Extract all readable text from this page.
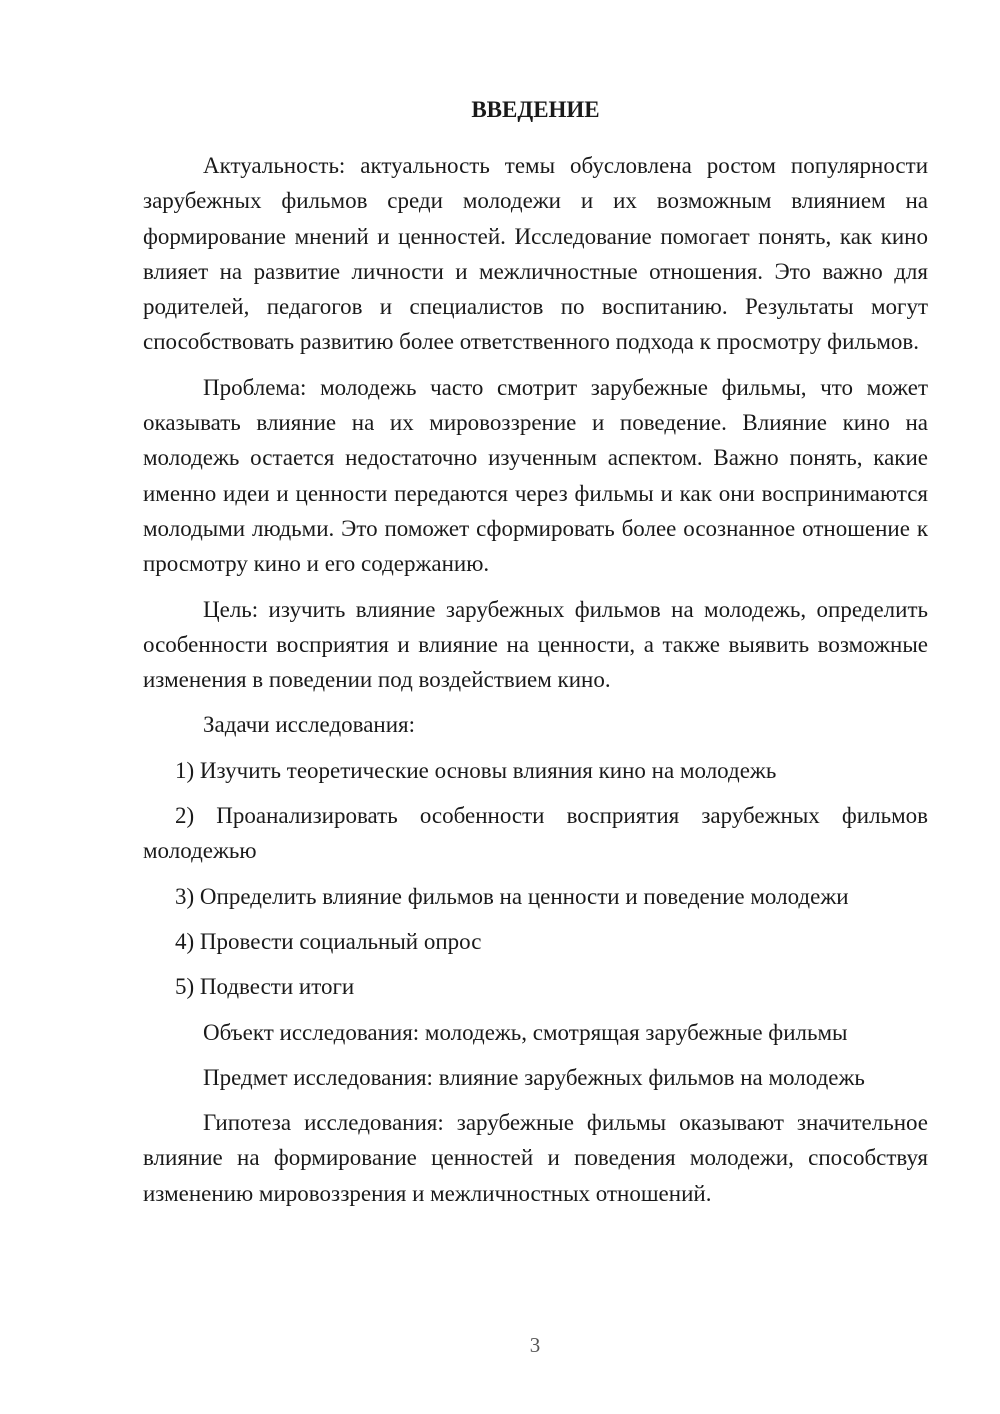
ВВЕДЕНИЕ

Актуальность: актуальность темы обусловлена ростом популярности зарубежных фильмов среди молодежи и их возможным влиянием на формирование мнений и ценностей. Исследование помогает понять, как кино влияет на развитие личности и межличностные отношения. Это важно для родителей, педагогов и специалистов по воспитанию. Результаты могут способствовать развитию более ответственного подхода к просмотру фильмов.

Проблема: молодежь часто смотрит зарубежные фильмы, что может оказывать влияние на их мировоззрение и поведение. Влияние кино на молодежь остается недостаточно изученным аспектом. Важно понять, какие именно идеи и ценности передаются через фильмы и как они воспринимаются молодыми людьми. Это поможет сформировать более осознанное отношение к просмотру кино и его содержанию.

Цель: изучить влияние зарубежных фильмов на молодежь, определить особенности восприятия и влияние на ценности, а также выявить возможные изменения в поведении под воздействием кино.

Задачи исследования:

1) Изучить теоретические основы влияния кино на молодежь

2) Проанализировать особенности восприятия зарубежных фильмов молодежью

3) Определить влияние фильмов на ценности и поведение молодежи

4) Провести социальный опрос

5) Подвести итоги

Объект исследования: молодежь, смотрящая зарубежные фильмы

Предмет исследования: влияние зарубежных фильмов на молодежь

Гипотеза исследования: зарубежные фильмы оказывают значительное влияние на формирование ценностей и поведения молодежи, способствуя изменению мировоззрения и межличностных отношений.

3
